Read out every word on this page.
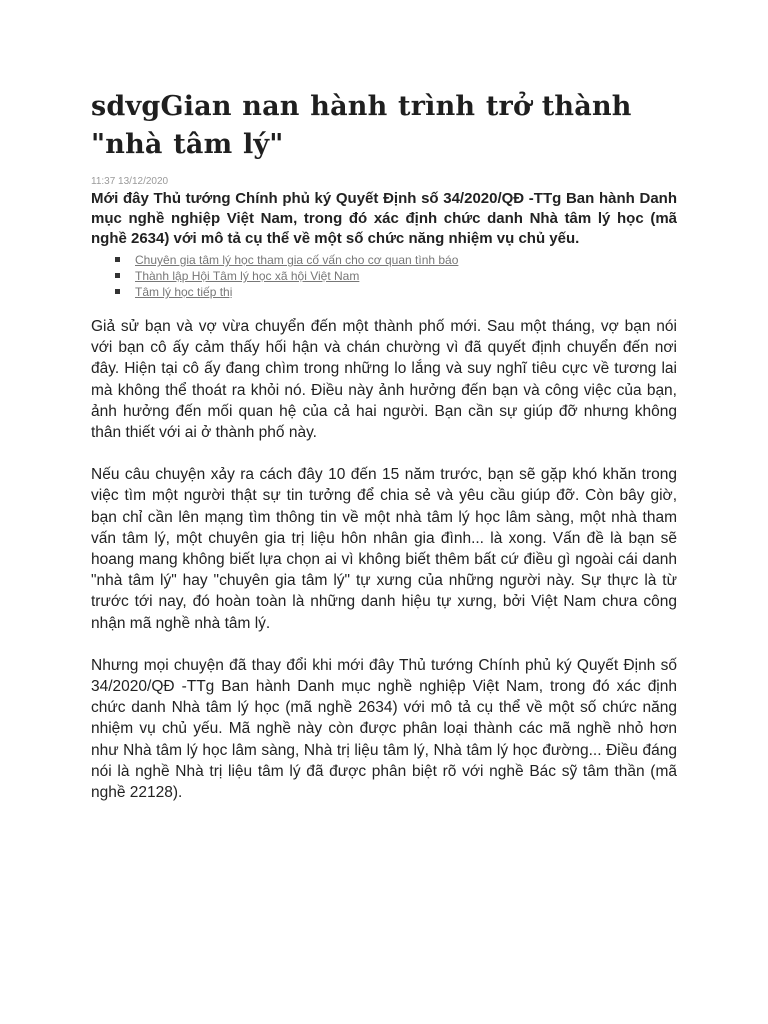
sdvgGian nan hành trình trở thành "nhà tâm lý"
11:37 13/12/2020

Mới đây Thủ tướng Chính phủ ký Quyết Định số 34/2020/QĐ -TTg Ban hành Danh mục nghề nghiệp Việt Nam, trong đó xác định chức danh Nhà tâm lý học (mã nghề 2634) với mô tả cụ thể về một số chức năng nhiệm vụ chủ yếu.

Chuyên gia tâm lý học tham gia cố vấn cho cơ quan tình báo
Thành lập Hội Tâm lý học xã hội Việt Nam
Tâm lý học tiếp thị

Giả sử bạn và vợ vừa chuyển đến một thành phố mới. Sau một tháng, vợ bạn nói với bạn cô ấy cảm thấy hối hận và chán chường vì đã quyết định chuyển đến nơi đây. Hiện tại cô ấy đang chìm trong những lo lắng và suy nghĩ tiêu cực về tương lai mà không thể thoát ra khỏi nó. Điều này ảnh hưởng đến bạn và công việc của bạn, ảnh hưởng đến mối quan hệ của cả hai người. Bạn cần sự giúp đỡ nhưng không thân thiết với ai ở thành phố này.

Nếu câu chuyện xảy ra cách đây 10 đến 15 năm trước, bạn sẽ gặp khó khăn trong việc tìm một người thật sự tin tưởng để chia sẻ và yêu cầu giúp đỡ. Còn bây giờ, bạn chỉ cần lên mạng tìm thông tin về một nhà tâm lý học lâm sàng, một nhà tham vấn tâm lý, một chuyên gia trị liệu hôn nhân gia đình... là xong. Vấn đề là bạn sẽ hoang mang không biết lựa chọn ai vì không biết thêm bất cứ điều gì ngoài cái danh "nhà tâm lý" hay "chuyên gia tâm lý" tự xưng của những người này. Sự thực là từ trước tới nay, đó hoàn toàn là những danh hiệu tự xưng, bởi Việt Nam chưa công nhận mã nghề nhà tâm lý.

Nhưng mọi chuyện đã thay đổi khi mới đây Thủ tướng Chính phủ ký Quyết Định số 34/2020/QĐ -TTg Ban hành Danh mục nghề nghiệp Việt Nam, trong đó xác định chức danh Nhà tâm lý học (mã nghề 2634) với mô tả cụ thể về một số chức năng nhiệm vụ chủ yếu. Mã nghề này còn được phân loại thành các mã nghề nhỏ hơn như Nhà tâm lý học lâm sàng, Nhà trị liệu tâm lý, Nhà tâm lý học đường... Điều đáng nói là nghề Nhà trị liệu tâm lý đã được phân biệt rõ với nghề Bác sỹ tâm thần (mã nghề 22128).
